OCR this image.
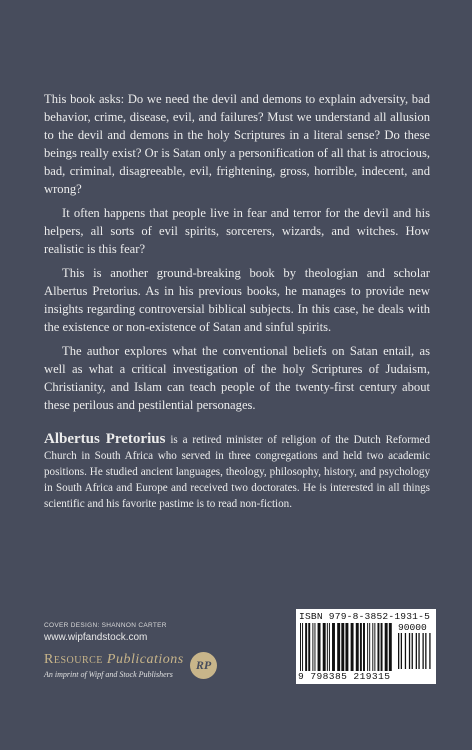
This book asks: Do we need the devil and demons to explain adversity, bad behavior, crime, disease, evil, and failures? Must we understand all allusion to the devil and demons in the holy Scriptures in a literal sense? Do these beings really exist? Or is Satan only a personification of all that is atrocious, bad, criminal, disagreeable, evil, frightening, gross, horrible, indecent, and wrong?

It often happens that people live in fear and terror for the devil and his helpers, all sorts of evil spirits, sorcerers, wizards, and witches. How realistic is this fear?

This is another ground-breaking book by theologian and scholar Albertus Pretorius. As in his previous books, he manages to provide new insights regarding controversial biblical subjects. In this case, he deals with the existence or non-existence of Satan and sinful spirits.

The author explores what the conventional beliefs on Satan entail, as well as what a critical investigation of the holy Scriptures of Judaism, Christianity, and Islam can teach people of the twenty-first century about these perilous and pestilential personages.

Albertus Pretorius is a retired minister of religion of the Dutch Reformed Church in South Africa who served in three congregations and held two academic positions. He studied ancient languages, theology, philosophy, history, and psychology in South Africa and Europe and received two doctorates. He is interested in all things scientific and his favorite pastime is to read non-fiction.

COVER DESIGN: SHANNON CARTER
www.wipfandstock.com
Resource Publications
An imprint of Wipf and Stock Publishers
RP
ISBN 979-8-3852-1931-5
90000
9 798385 219315
